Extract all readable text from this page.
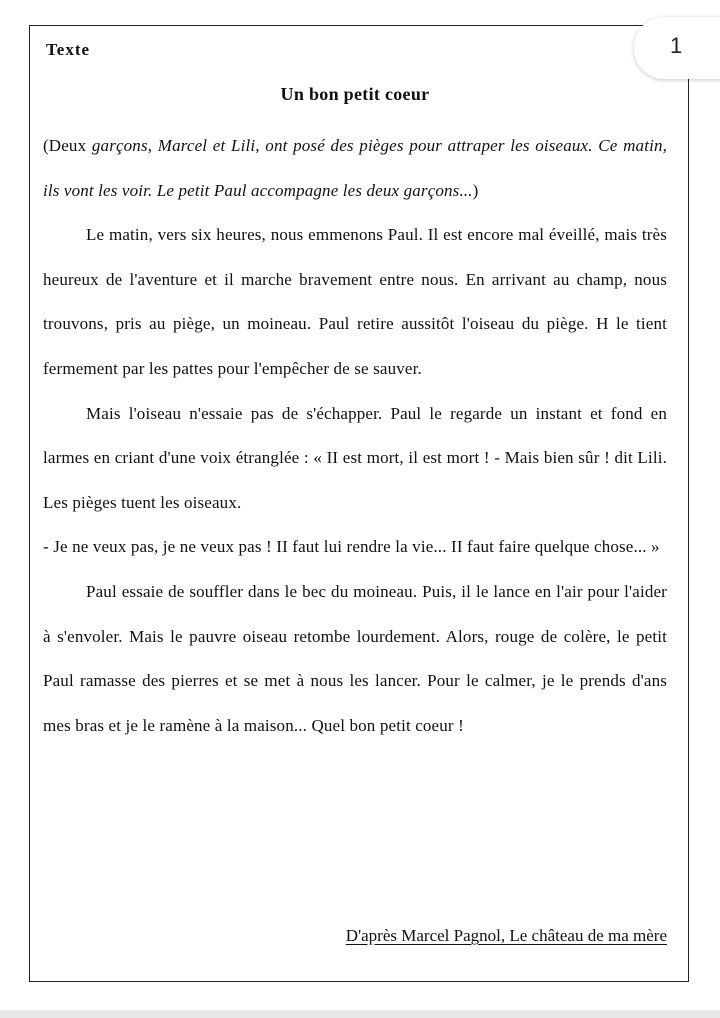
Texte
Un bon petit coeur

(Deux garçons, Marcel et Lili, ont posé des pièges pour attraper les oiseaux. Ce matin, ils vont les voir. Le petit Paul accompagne les deux garçons...)

Le matin, vers six heures, nous emmenons Paul. Il est encore mal éveillé, mais très heureux de l'aventure et il marche bravement entre nous. En arrivant au champ, nous trouvons, pris au piège, un moineau. Paul retire aussitôt l'oiseau du piège. H le tient fermement par les pattes pour l'empêcher de se sauver.

Mais l'oiseau n'essaie pas de s'échapper. Paul le regarde un instant et fond en larmes en criant d'une voix étranglée : « II est mort, il est mort ! - Mais bien sûr ! dit Lili. Les pièges tuent les oiseaux.

- Je ne veux pas, je ne veux pas ! II faut lui rendre la vie... II faut faire quelque chose... »

Paul essaie de souffler dans le bec du moineau. Puis, il le lance en l'air pour l'aider à s'envoler. Mais le pauvre oiseau retombe lourdement. Alors, rouge de colère, le petit Paul ramasse des pierres et se met à nous les lancer. Pour le calmer, je le prends d'ans mes bras et je le ramène à la maison... Quel bon petit coeur !

D'après Marcel Pagnol, Le château de ma mère
1
